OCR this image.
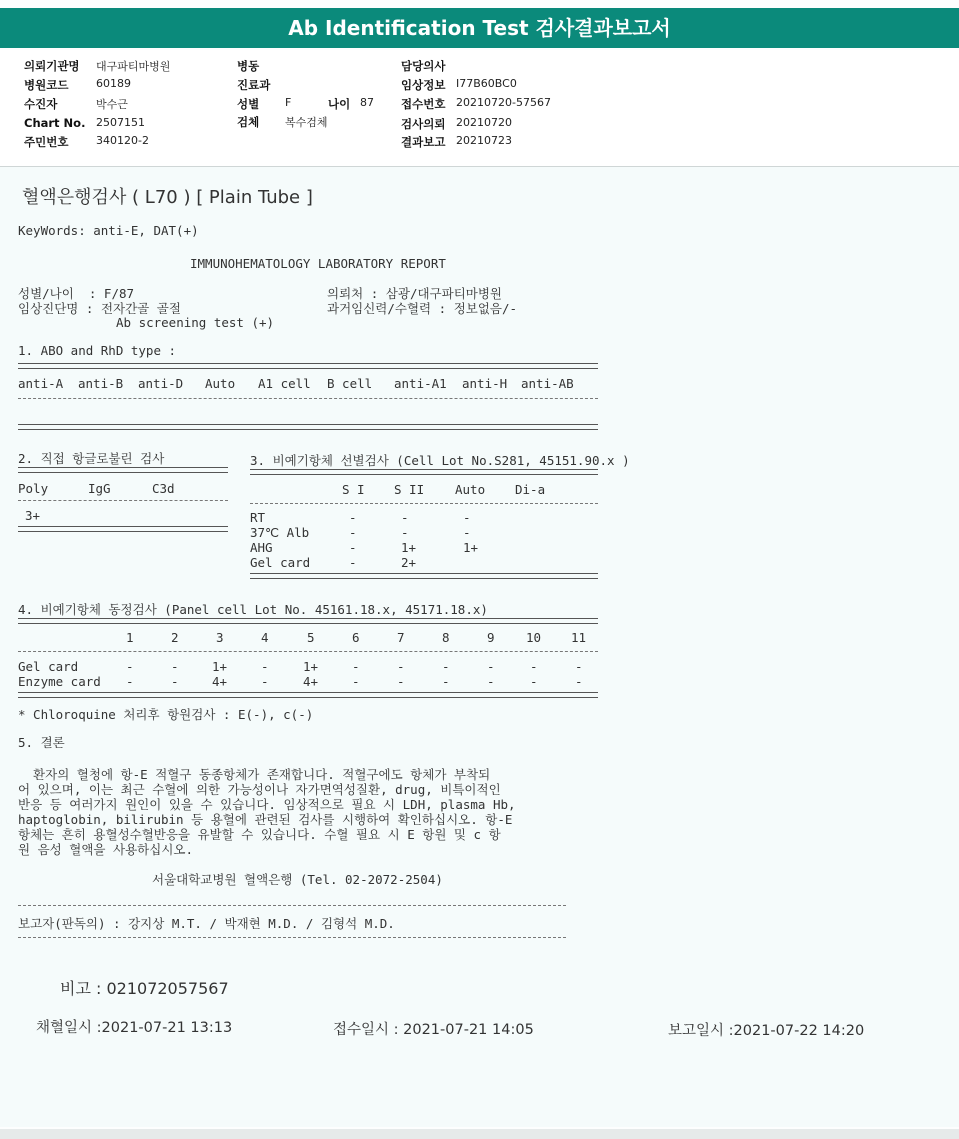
Ab Identification Test 검사결과보고서
의뢰기관명 대구파티마병원
병원코드	60189
수진자	박수근
Chart No. 2507151
주민번호	340120-2
병동
진료과
성별 F	나이 87
검체 복수검체
담당의사
임상정보 I77B60BC0
접수번호 20210720-57567
검사의뢰 20210720
결과보고 20210723
혈액은행검사 ( L70 ) [ Plain Tube ]
KeyWords: anti-E, DAT(+)
IMMUNOHEMATOLOGY LABORATORY REPORT
성별/나이  : F/87
임상진단명 : 전자간골 골절
Ab screening test (+)
의뢰처 : 삼광/대구파티마병원
과거임신력/수혈력 : 정보없음/-
1. ABO and RhD type :
anti-A anti-B anti-D Auto A1 cell B cell anti-A1 anti-H anti-AB
2. 직접 항글로불린 검사
Poly	IgG	C3d
3+
3. 비예기항체 선별검사 (Cell Lot No.S281, 45151.90.x )
S I S II Auto Di-a
RT	-	-	-
37℃ Alb	-	-	-
AHG	-	1+	1+
Gel card	-	2+
4. 비예기항체 동정검사 (Panel cell Lot No. 45161.18.x, 45171.18.x)
1	2	3	4	5	6	7	8	9	10 11
Gel card	-	-	1+	-	1+	-	-	-	-	-	-
Enzyme card -	-	4+	-	4+	-	-	-	-	-	-
* Chloroquine 처리후 항원검사 : E(-), c(-)
5. 결론
환자의 혈청에 항-E 적혈구 동종항체가 존재합니다. 적혈구에도 항체가 부착되
어 있으며, 이는 최근 수혈에 의한 가능성이나 자가면역성질환, drug, 비특이적인
반응 등 여러가지 원인이 있을 수 있습니다. 임상적으로 필요 시 LDH, plasma Hb,
haptoglobin, bilirubin 등 용혈에 관련된 검사를 시행하여 확인하십시오. 항-E
항체는 흔히 용혈성수혈반응을 유발할 수 있습니다. 수혈 필요 시 E 항원 및 c 항
원 음성 혈액을 사용하십시오.
서울대학교병원 혈액은행 (Tel. 02-2072-2504)
보고자(판독의) : 강지상 M.T. / 박재현 M.D. / 김형석 M.D.
비고 : 021072057567
채혈일시 :2021-07-21 13:13	접수일시 : 2021-07-21 14:05	보고일시 :2021-07-22 14:20
